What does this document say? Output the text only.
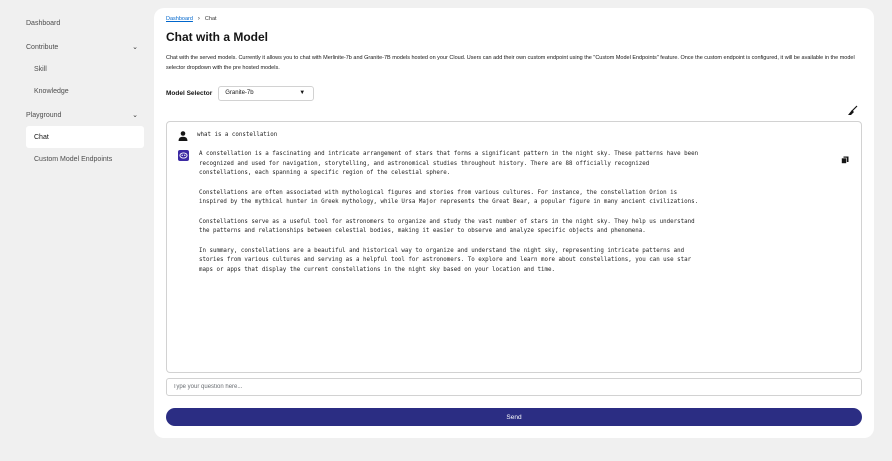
Dashboard
Contribute	⌄
Skill
Knowledge
Playground	⌄
Chat
Custom Model Endpoints
Dashboard › Chat
Chat with a Model
Chat with the served models. Currently it allows you to chat with Merlinite-7b and Granite-7B models hosted on your Cloud. Users can add their own custom endpoint using the "Custom Model Endpoints" feature. Once the custom endpoint is configured, it will be available in the model selector dropdown with the pre hosted models.
Model Selector Granite-7b	▼
what is a constellation

A constellation is a fascinating and intricate arrangement of stars that forms a significant pattern in the night sky. These patterns have been
recognized and used for navigation, storytelling, and astronomical studies throughout history. There are 88 officially recognized
constellations, each spanning a specific region of the celestial sphere.

Constellations are often associated with mythological figures and stories from various cultures. For instance, the constellation Orion is
inspired by the mythical hunter in Greek mythology, while Ursa Major represents the Great Bear, a popular figure in many ancient civilizations.

Constellations serve as a useful tool for astronomers to organize and study the vast number of stars in the night sky. They help us understand
the patterns and relationships between celestial bodies, making it easier to observe and analyze specific objects and phenomena.

In summary, constellations are a beautiful and historical way to organize and understand the night sky, representing intricate patterns and
stories from various cultures and serving as a helpful tool for astronomers. To explore and learn more about constellations, you can use star
maps or apps that display the current constellations in the night sky based on your location and time.

Type your question here...
Send
